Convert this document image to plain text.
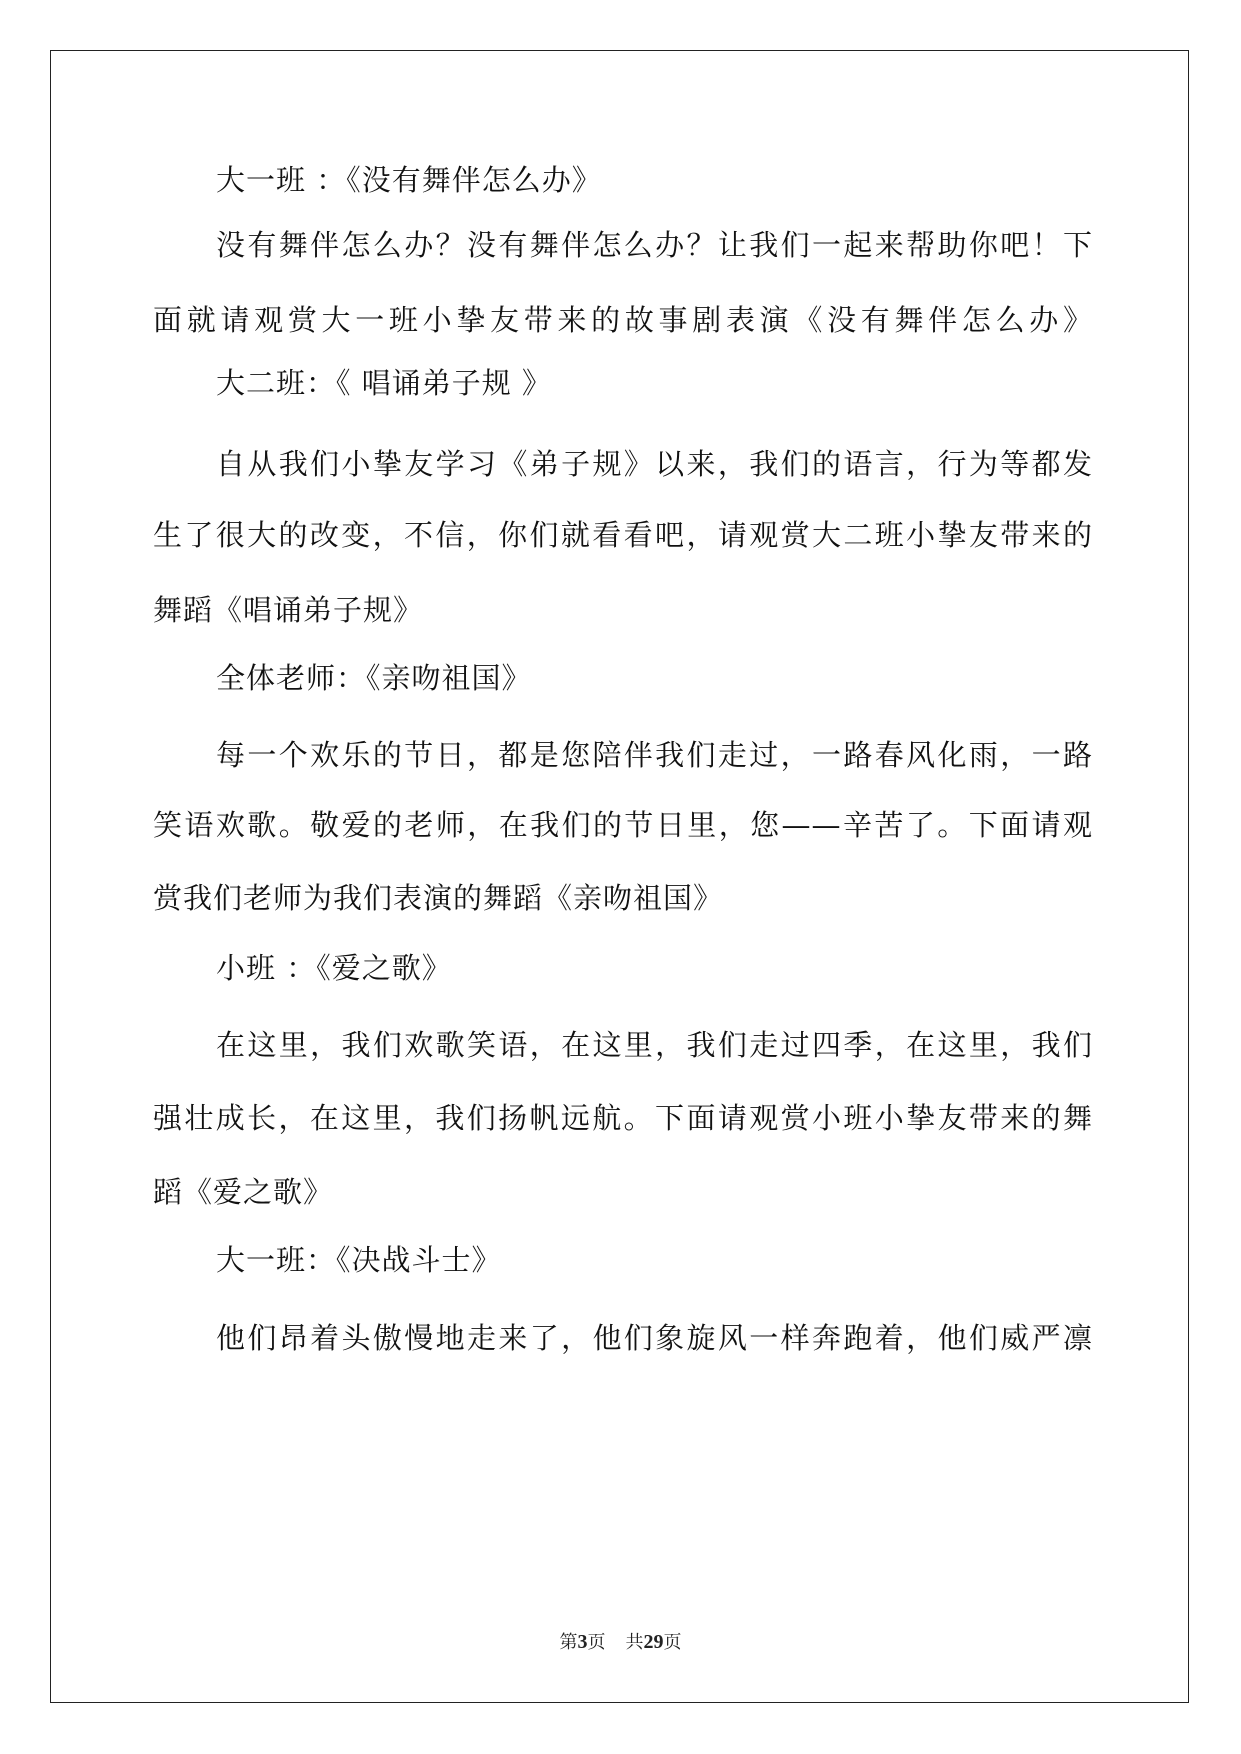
大一班 ：《没有舞伴怎么办》
没有舞伴怎么办？没有舞伴怎么办？让我们一起来帮助你吧！下
面就请观赏大一班小挚友带来的故事剧表演《没有舞伴怎么办》
大二班：《 唱诵弟子规 》
自从我们小挚友学习《弟子规》以来，我们的语言，行为等都发
生了很大的改变，不信，你们就看看吧，请观赏大二班小挚友带来的
舞蹈《唱诵弟子规》
全体老师：《亲吻祖国》
每一个欢乐的节日，都是您陪伴我们走过，一路春风化雨，一路
笑语欢歌。敬爱的老师，在我们的节日里，您——辛苦了。下面请观
赏我们老师为我们表演的舞蹈《亲吻祖国》
小班 ：《爱之歌》
在这里，我们欢歌笑语，在这里，我们走过四季，在这里，我们
强壮成长，在这里，我们扬帆远航。下面请观赏小班小挚友带来的舞
蹈《爱之歌》
大一班：《决战斗士》
他们昂着头傲慢地走来了，他们象旋风一样奔跑着，他们威严凛
第3页 共29页
